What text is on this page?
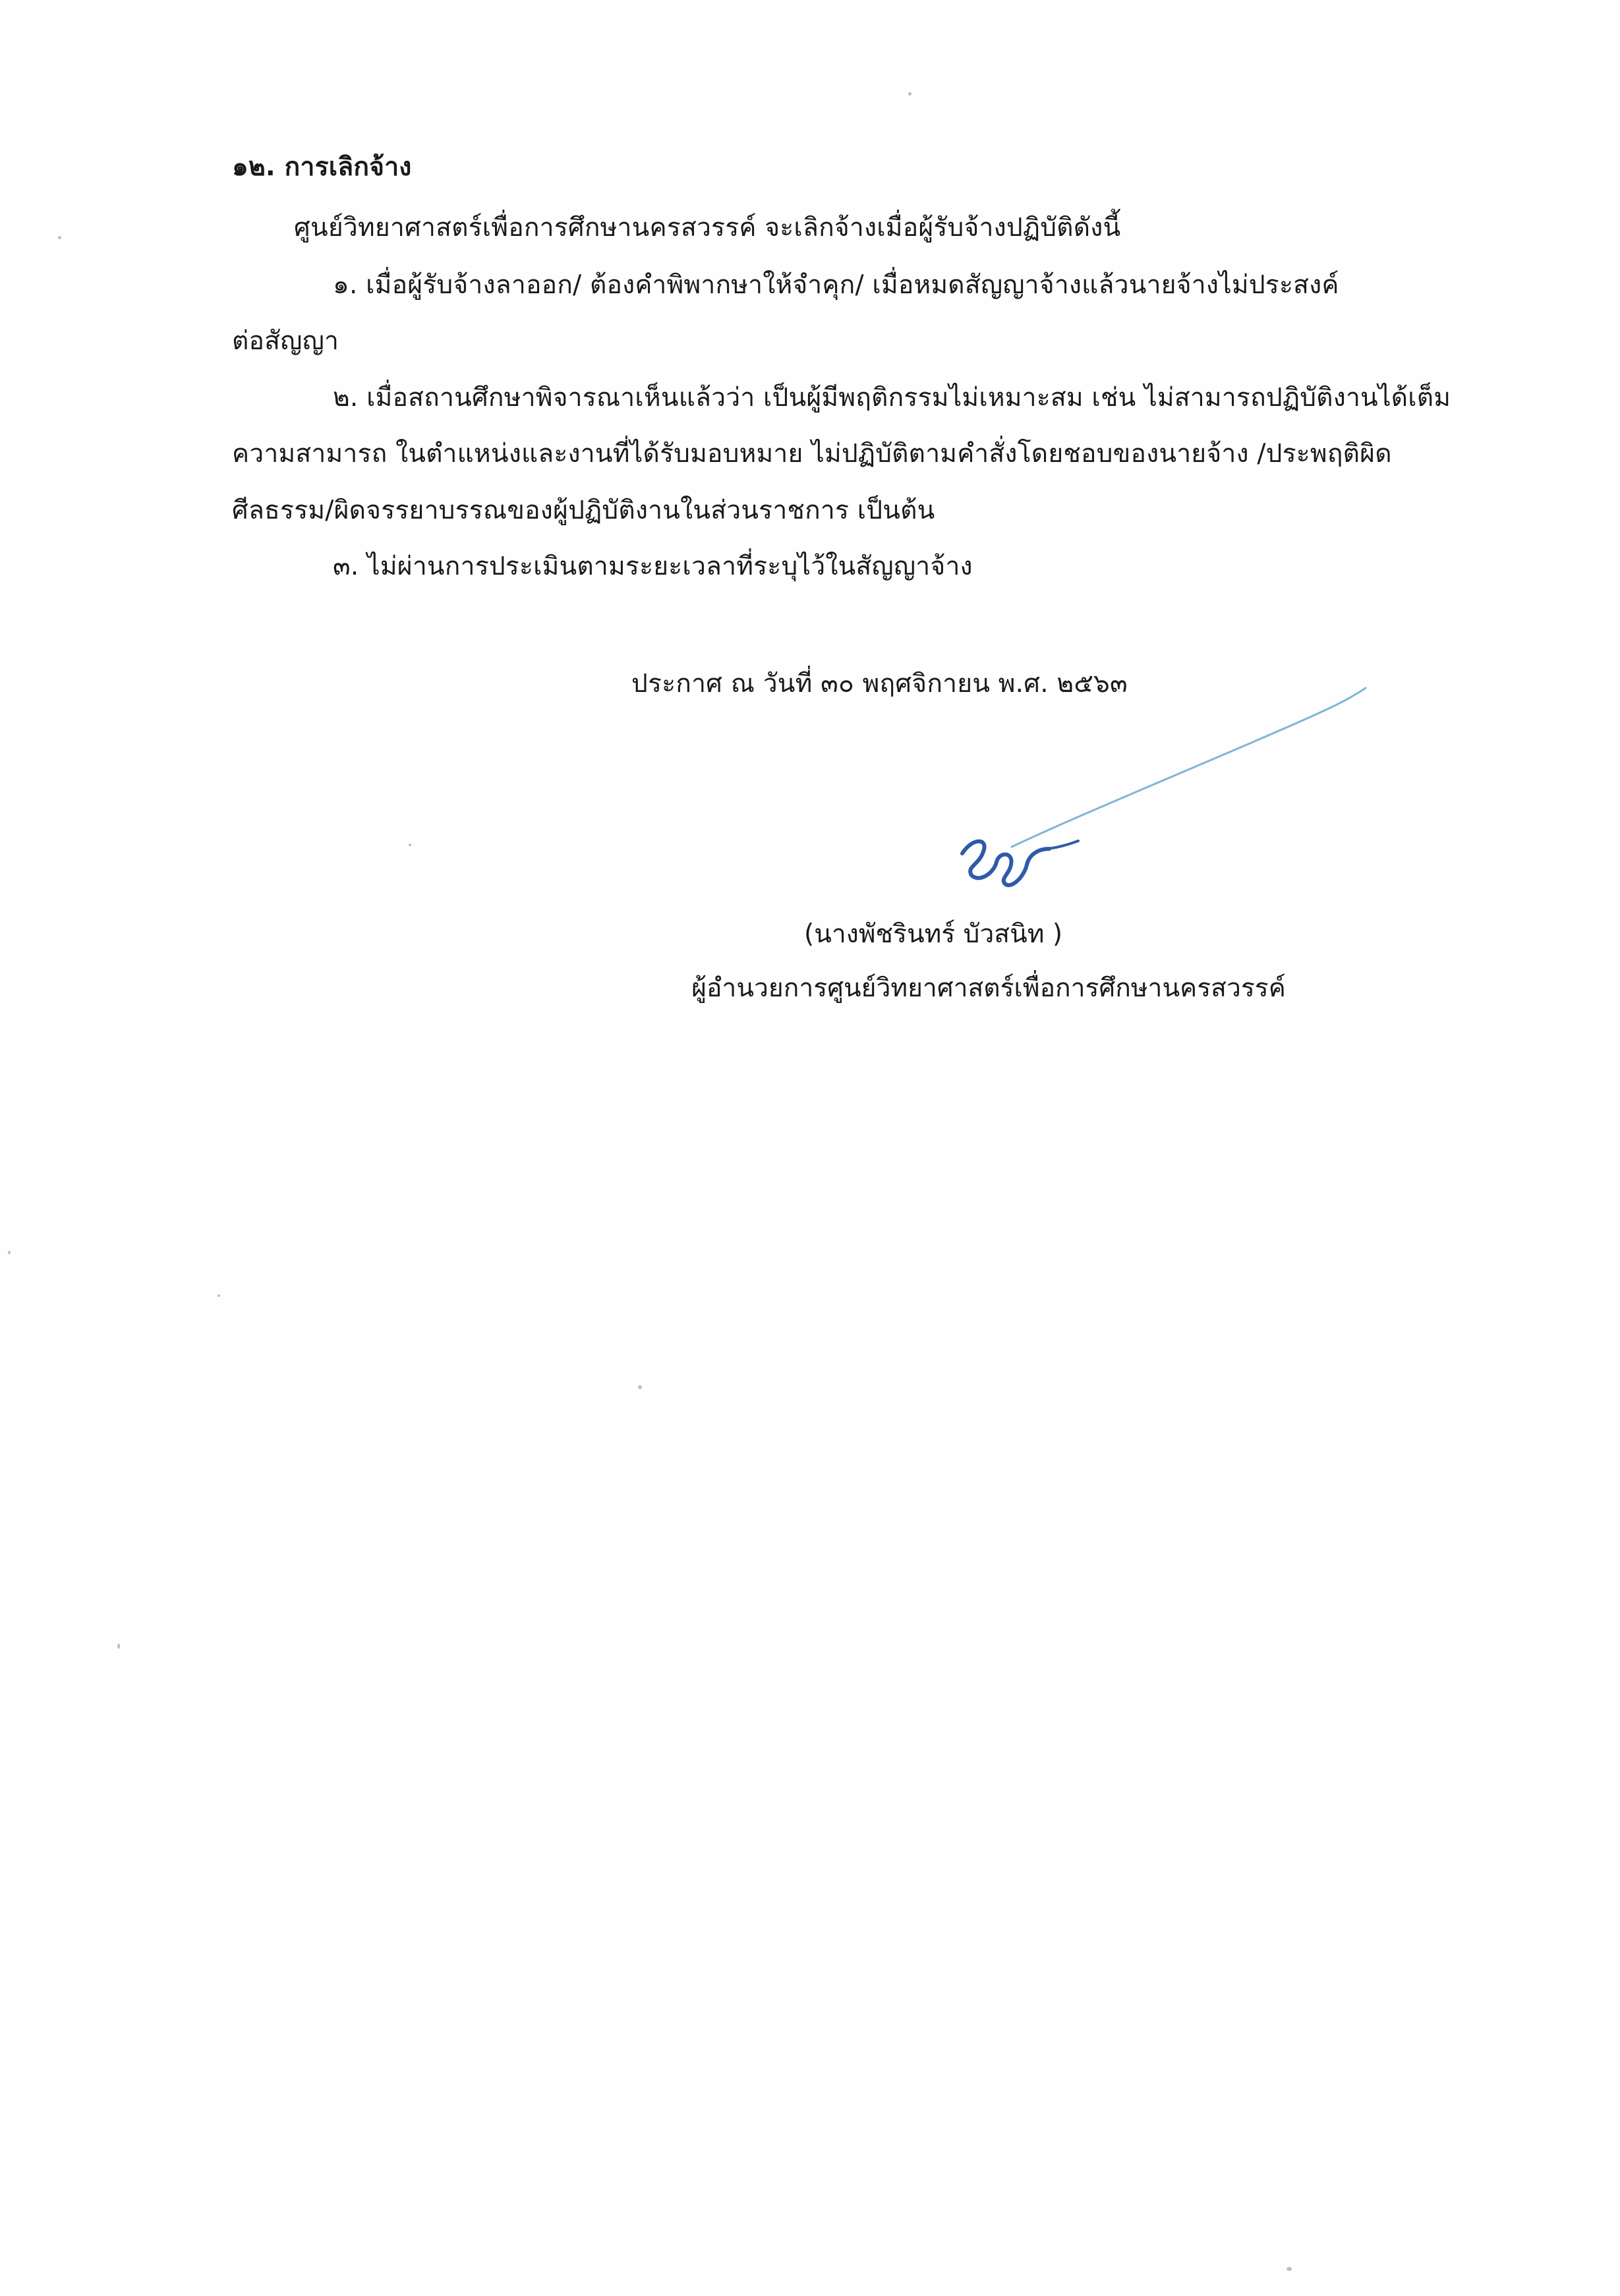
๑๒. การเลิกจ้าง
ศูนย์วิทยาศาสตร์เพื่อการศึกษานครสวรรค์ จะเลิกจ้างเมื่อผู้รับจ้างปฏิบัติดังนี้
๑. เมื่อผู้รับจ้างลาออก/ ต้องคำพิพากษาให้จำคุก/ เมื่อหมดสัญญาจ้างแล้วนายจ้างไม่ประสงค์
ต่อสัญญา
๒. เมื่อสถานศึกษาพิจารณาเห็นแล้วว่า เป็นผู้มีพฤติกรรมไม่เหมาะสม เช่น ไม่สามารถปฏิบัติงานได้เต็ม
ความสามารถ ในตำแหน่งและงานที่ได้รับมอบหมาย ไม่ปฏิบัติตามคำสั่งโดยชอบของนายจ้าง /ประพฤติผิด
ศีลธรรม/ผิดจรรยาบรรณของผู้ปฏิบัติงานในส่วนราชการ เป็นต้น
๓. ไม่ผ่านการประเมินตามระยะเวลาที่ระบุไว้ในสัญญาจ้าง
ประกาศ ณ วันที่ ๓๐ พฤศจิกายน พ.ศ. ๒๕๖๓
(นางพัชรินทร์ บัวสนิท )
ผู้อำนวยการศูนย์วิทยาศาสตร์เพื่อการศึกษานครสวรรค์
